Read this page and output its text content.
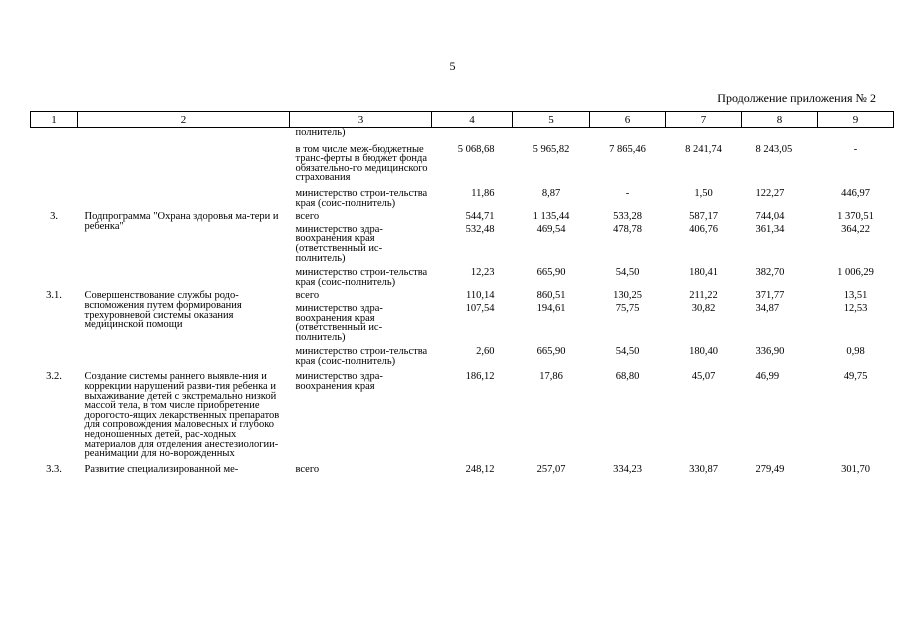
5
Продолжение приложения № 2
1	2	3	4	5	6	7	8	9
		полнитель)						
		в том числе меж-бюджетные транс-ферты в бюджет фонда обязательно-го медицинского страхования	5 068,68	5 965,82	7 865,46	8 241,74	8 243,05	-
		министерство строи-тельства края (соис-полнитель)	11,86	8,87	-	1,50	122,27	446,97
3.	Подпрограмма "Охрана здоровья ма-тери и ребенка"	всего	544,71	1 135,44	533,28	587,17	744,04	1 370,51
		министерство здра-воохранения края (ответственный ис-полнитель)	532,48	469,54	478,78	406,76	361,34	364,22
		министерство строи-тельства края (соис-полнитель)	12,23	665,90	54,50	180,41	382,70	1 006,29
3.1.	Совершенствование службы родо-вспоможения путем формирования трехуровневой системы оказания медицинской помощи	всего	110,14	860,51	130,25	211,22	371,77	13,51
		министерство здра-воохранения края (ответственный ис-полнитель)	107,54	194,61	75,75	30,82	34,87	12,53
		министерство строи-тельства края (соис-полнитель)	2,60	665,90	54,50	180,40	336,90	0,98
3.2.	Создание системы раннего выявле-ния и коррекции нарушений разви-тия ребенка и выхаживание детей с экстремально низкой массой тела, в том числе приобретение дорогосто-ящих лекарственных препаратов для сопровождения маловесных и глубоко недоношенных детей, рас-ходных материалов для отделения анестезиологии-реанимации для но-ворожденных	министерство здра-воохранения края	186,12	17,86	68,80	45,07	46,99	49,75
3.3.	Развитие специализированной ме-	всего	248,12	257,07	334,23	330,87	279,49	301,70
